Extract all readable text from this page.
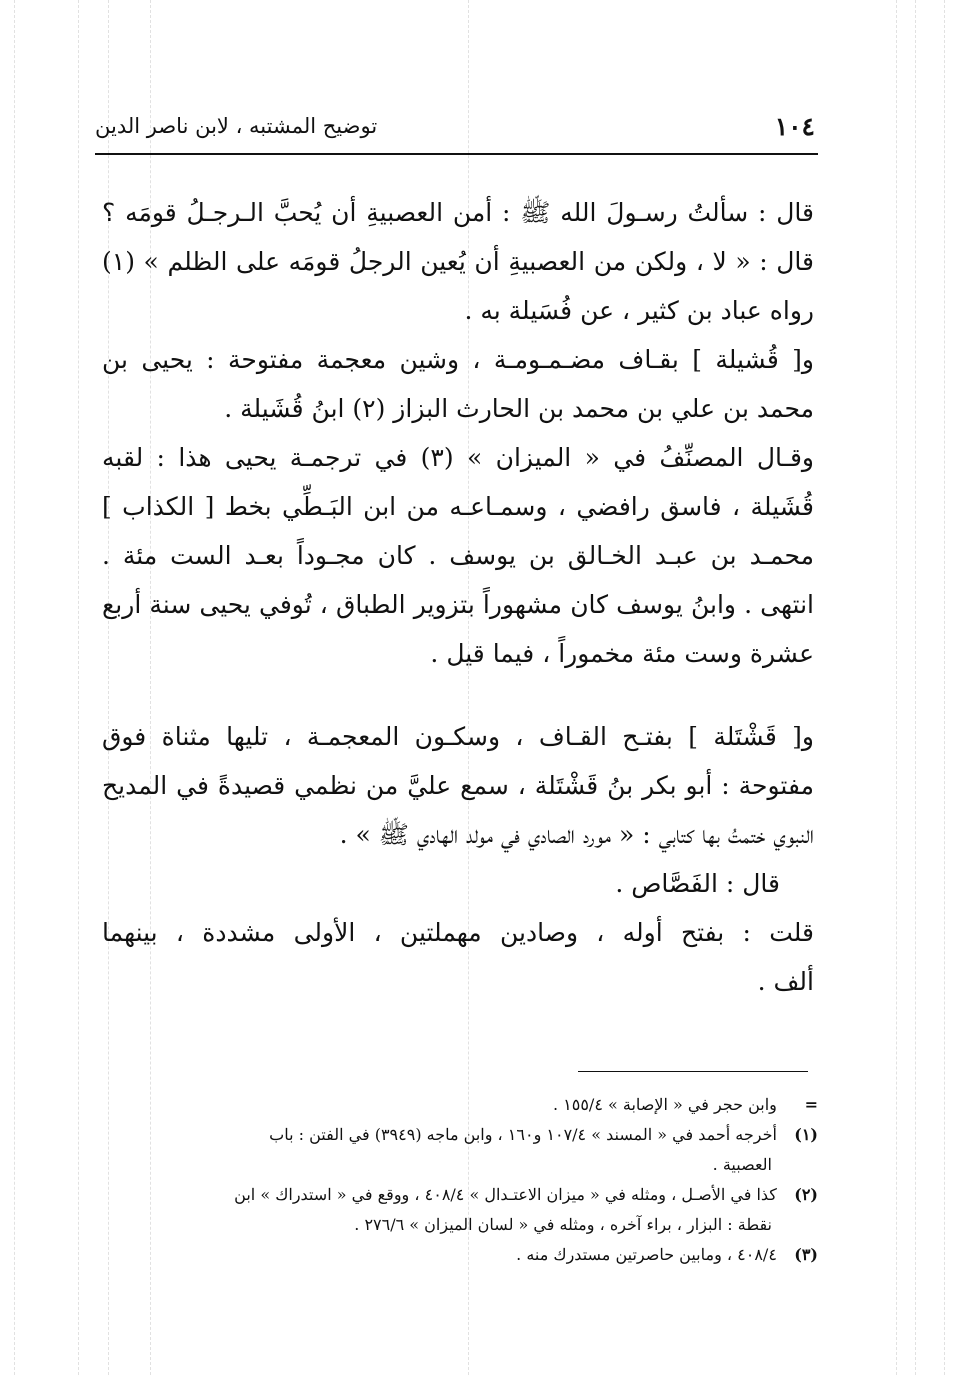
١٠٤
توضيح المشتبه ، لابن ناصر الدين
قال : سألتُ رسـولَ الله ﷺ : أمن العصبيةِ أن يُحبَّ الـرجـلُ قومَه ؟
قال : « لا ، ولكن من العصبيةِ أن يُعين الرجلُ قومَه على الظلم » (١)
رواه عباد بن كثير ، عن فُسَيلة به .
و[ قُشيلة ] بقـاف مضـمـومـة ، وشين معجمة مفتوحة : يحيى بن
محمد بن علي بن محمد بن الحارث البزاز (٢) ابنُ قُشَيلة .
وقـال المصنِّفُ في « الميزان » (٣) في ترجمـة يحيى هذا : لقبه
قُشَيلة ، فاسق رافضي ، وسمـاعـه من ابن البَـطِّي بخط [ الكذاب ]
محمـد بن عبـد الخـالق بن يوسف . كان مجـوداً بعـد الست مئة .
انتهى . وابنُ يوسف كان مشهوراً بتزوير الطباق ، تُوفي يحيى سنة أربع
عشرة وست مئة مخموراً ، فيما قيل .
و[ قَشْتَلة ] بفتـح القـاف ، وسكـون المعجمـة ، تليها مثناة فوق
مفتوحة : أبو بكر بنُ قَشْتَلة ، سمع عليَّ من نظمي قصيدةً في المديح
النبوي ختمتُ بها كتابي : « مورد الصادي في مولد الهادي ﷺ » .
قال : الفَصَّاص .
قلت : بفتح أوله ، وصادين مهملتين ، الأولى مشددة ، بينهما
ألف .
= وابن حجر في « الإصابة » ١٥٥/٤ .
(١) أخرجه أحمد في « المسند » ١٠٧/٤ و١٦٠ ، وابن ماجه (٣٩٤٩) في الفتن : باب
العصبية .
(٢) كذا في الأصـل ، ومثله في « ميزان الاعتـدال » ٤٠٨/٤ ، ووقع في « استدراك » ابن
نقطة : البزار ، براء آخره ، ومثله في « لسان الميزان » ٢٧٦/٦ .
(٣) ٤٠٨/٤ ، ومابين حاصرتين مستدرك منه .
